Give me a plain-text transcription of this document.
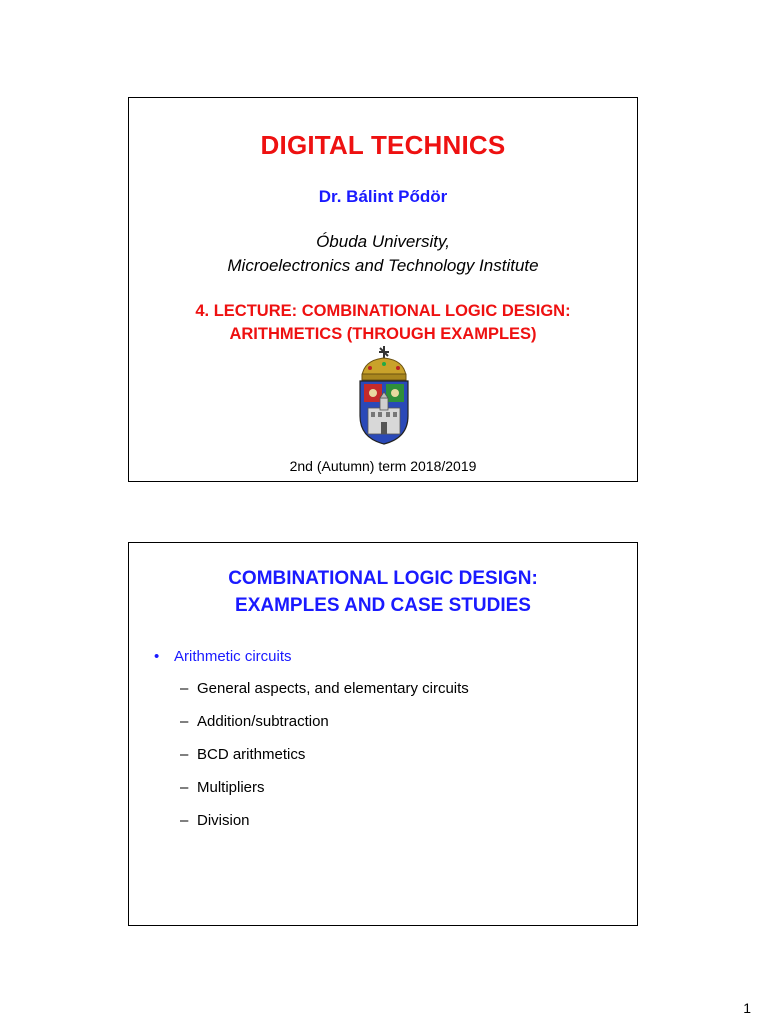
DIGITAL TECHNICS
Dr. Bálint Pődör
Óbuda University,
Microelectronics and Technology Institute
4. LECTURE: COMBINATIONAL LOGIC DESIGN:
ARITHMETICS (THROUGH EXAMPLES)
2nd (Autumn) term 2018/2019
COMBINATIONAL LOGIC DESIGN:
EXAMPLES AND CASE STUDIES
• Arithmetic circuits
– General aspects, and elementary circuits
– Addition/subtraction
– BCD arithmetics
– Multipliers
– Division
1
